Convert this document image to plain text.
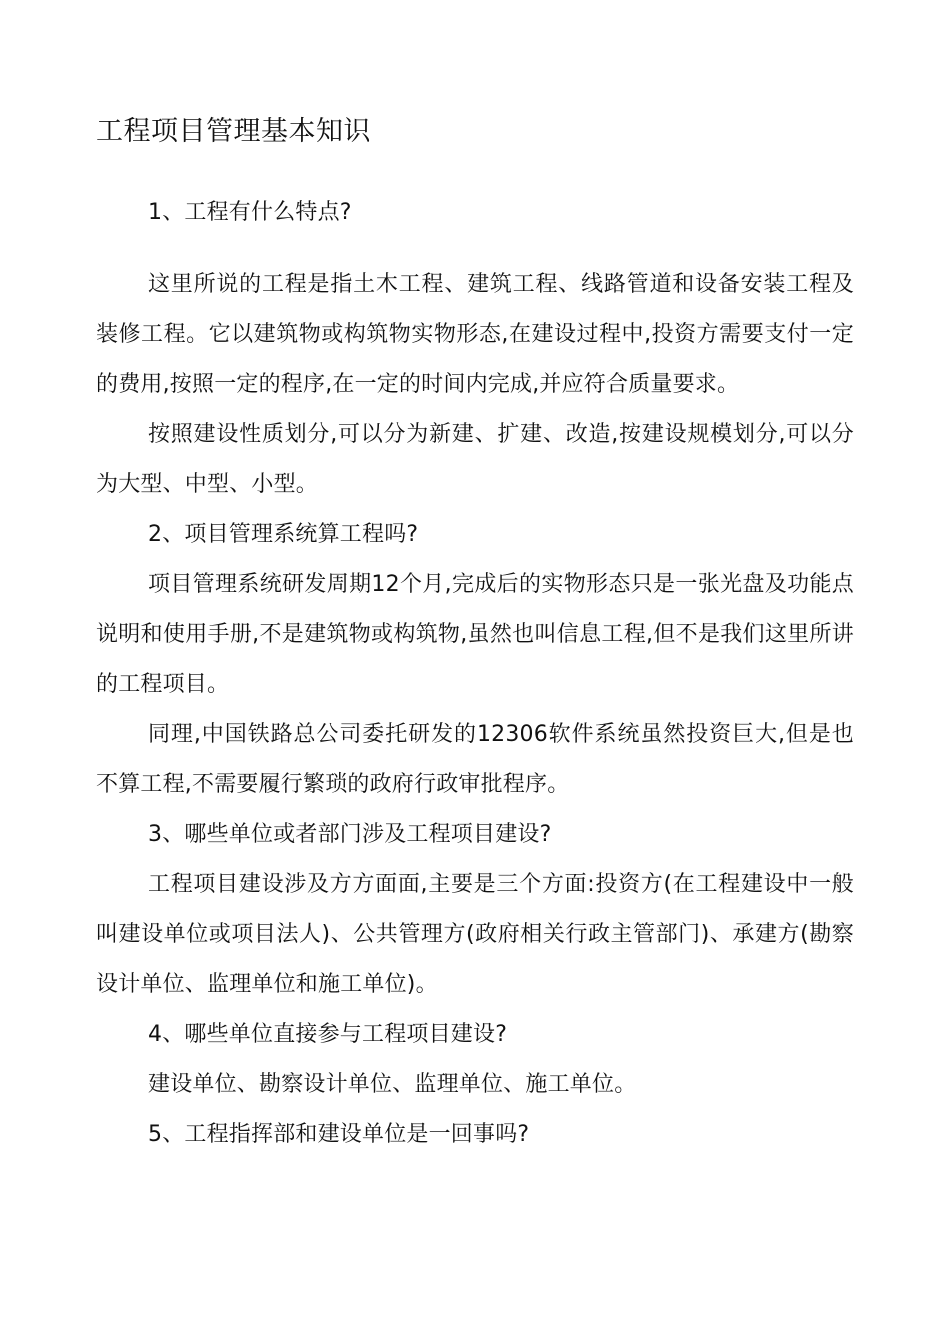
工程项目管理基本知识

1、工程有什么特点?

这里所说的工程是指土木工程、建筑工程、线路管道和设备安装工程及装修工程。它以建筑物或构筑物实物形态,在建设过程中,投资方需要支付一定的费用,按照一定的程序,在一定的时间内完成,并应符合质量要求。

按照建设性质划分,可以分为新建、扩建、改造,按建设规模划分,可以分为大型、中型、小型。

2、项目管理系统算工程吗?

项目管理系统研发周期12个月,完成后的实物形态只是一张光盘及功能点说明和使用手册,不是建筑物或构筑物,虽然也叫信息工程,但不是我们这里所讲的工程项目。

同理,中国铁路总公司委托研发的12306软件系统虽然投资巨大,但是也不算工程,不需要履行繁琐的政府行政审批程序。

3、哪些单位或者部门涉及工程项目建设?

工程项目建设涉及方方面面,主要是三个方面:投资方(在工程建设中一般叫建设单位或项目法人)、公共管理方(政府相关行政主管部门)、承建方(勘察设计单位、监理单位和施工单位)。

4、哪些单位直接参与工程项目建设?

建设单位、勘察设计单位、监理单位、施工单位。

5、工程指挥部和建设单位是一回事吗?
